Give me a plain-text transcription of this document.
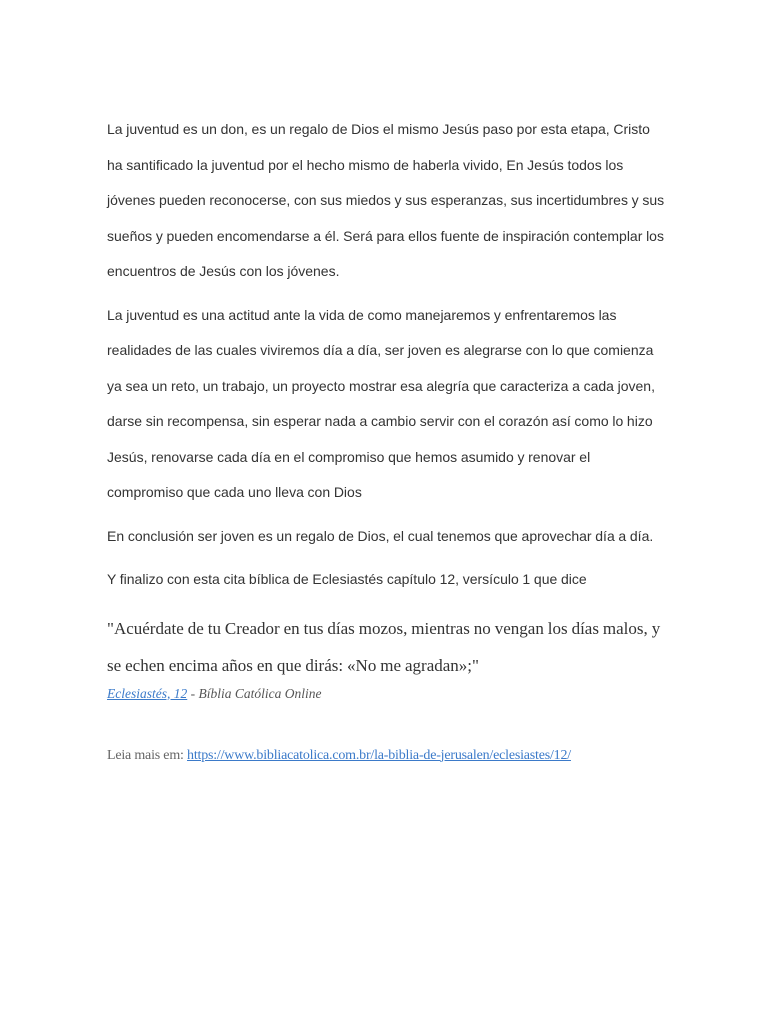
La juventud es un don, es un regalo de Dios el mismo Jesús paso por esta etapa, Cristo ha santificado la juventud por el hecho mismo de haberla vivido, En Jesús todos los jóvenes pueden reconocerse, con sus miedos y sus esperanzas, sus incertidumbres y sus sueños y pueden encomendarse a él. Será para ellos fuente de inspiración contemplar los encuentros de Jesús con los jóvenes.

La juventud es una actitud ante la vida de como manejaremos y enfrentaremos las realidades de las cuales viviremos día a día, ser joven es alegrarse con lo que comienza ya sea un reto, un trabajo, un proyecto mostrar esa alegría que caracteriza a cada joven, darse sin recompensa, sin esperar nada a cambio servir con el corazón así como lo hizo Jesús, renovarse cada día en el compromiso que hemos asumido y renovar el compromiso que cada uno lleva con Dios

En conclusión ser joven es un regalo de Dios, el cual tenemos que aprovechar día a día.

Y finalizo con esta cita bíblica de Eclesiastés capítulo 12, versículo 1 que dice

"Acuérdate de tu Creador en tus días mozos, mientras no vengan los días malos, y se echen encima años en que dirás: «No me agradan»;"

Eclesiastés, 12 - Bíblia Católica Online

Leia mais em: https://www.bibliacatolica.com.br/la-biblia-de-jerusalen/eclesiastes/12/
